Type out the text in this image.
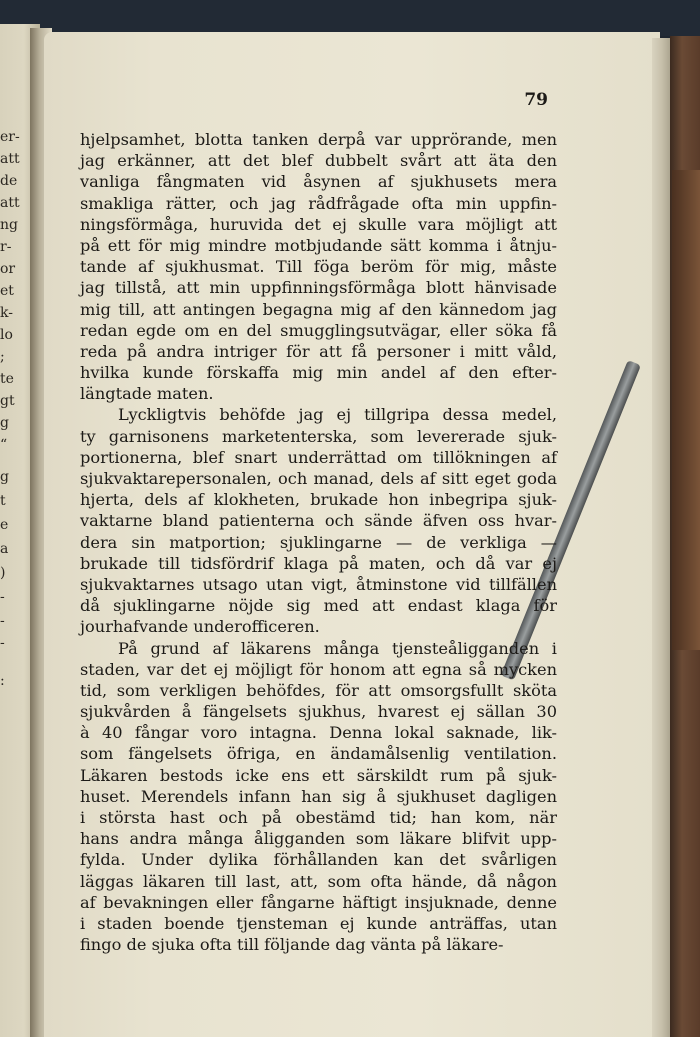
er-
att
de
att
ng
r-
or
et
k-
lo
;
te
gt
g
“
g
t
e
a
)
-
-
-
:
79
hjelpsamhet, blotta tanken derpå var upprörande, men
jag erkänner, att det blef dubbelt svårt att äta den
vanliga fångmaten vid åsynen af sjukhusets mera
smakliga rätter, och jag rådfrågade ofta min uppfin-
ningsförmåga, huruvida det ej skulle vara möjligt att
på ett för mig mindre motbjudande sätt komma i åtnju-
tande af sjukhusmat. Till föga beröm för mig, måste
jag tillstå, att min uppfinningsförmåga blott hänvisade
mig till, att antingen begagna mig af den kännedom jag
redan egde om en del smugglingsutvägar, eller söka få
reda på andra intriger för att få personer i mitt våld,
hvilka kunde förskaffa mig min andel af den efter-
längtade maten.
Lyckligtvis behöfde jag ej tillgripa dessa medel,
ty garnisonens marketenterska, som levererade sjuk-
portionerna, blef snart underrättad om tillökningen af
sjukvaktarepersonalen, och manad, dels af sitt eget goda
hjerta, dels af klokheten, brukade hon inbegripa sjuk-
vaktarne bland patienterna och sände äfven oss hvar-
dera sin matportion; sjuklingarne — de verkliga —
brukade till tidsfördrif klaga på maten, och då var ej
sjukvaktarnes utsago utan vigt, åtminstone vid tillfällen
då sjuklingarne nöjde sig med att endast klaga för
jourhafvande underofficeren.
På grund af läkarens många tjensteåligganden i
staden, var det ej möjligt för honom att egna så mycken
tid, som verkligen behöfdes, för att omsorgsfullt sköta
sjukvården å fängelsets sjukhus, hvarest ej sällan 30
à 40 fångar voro intagna. Denna lokal saknade, lik-
som fängelsets öfriga, en ändamålsenlig ventilation.
Läkaren bestods icke ens ett särskildt rum på sjuk-
huset. Merendels infann han sig å sjukhuset dagligen
i största hast och på obestämd tid; han kom, när
hans andra många åligganden som läkare blifvit upp-
fylda. Under dylika förhållanden kan det svårligen
läggas läkaren till last, att, som ofta hände, då någon
af bevakningen eller fångarne häftigt insjuknade, denne
i staden boende tjensteman ej kunde anträffas, utan
fingo de sjuka ofta till följande dag vänta på läkare-
